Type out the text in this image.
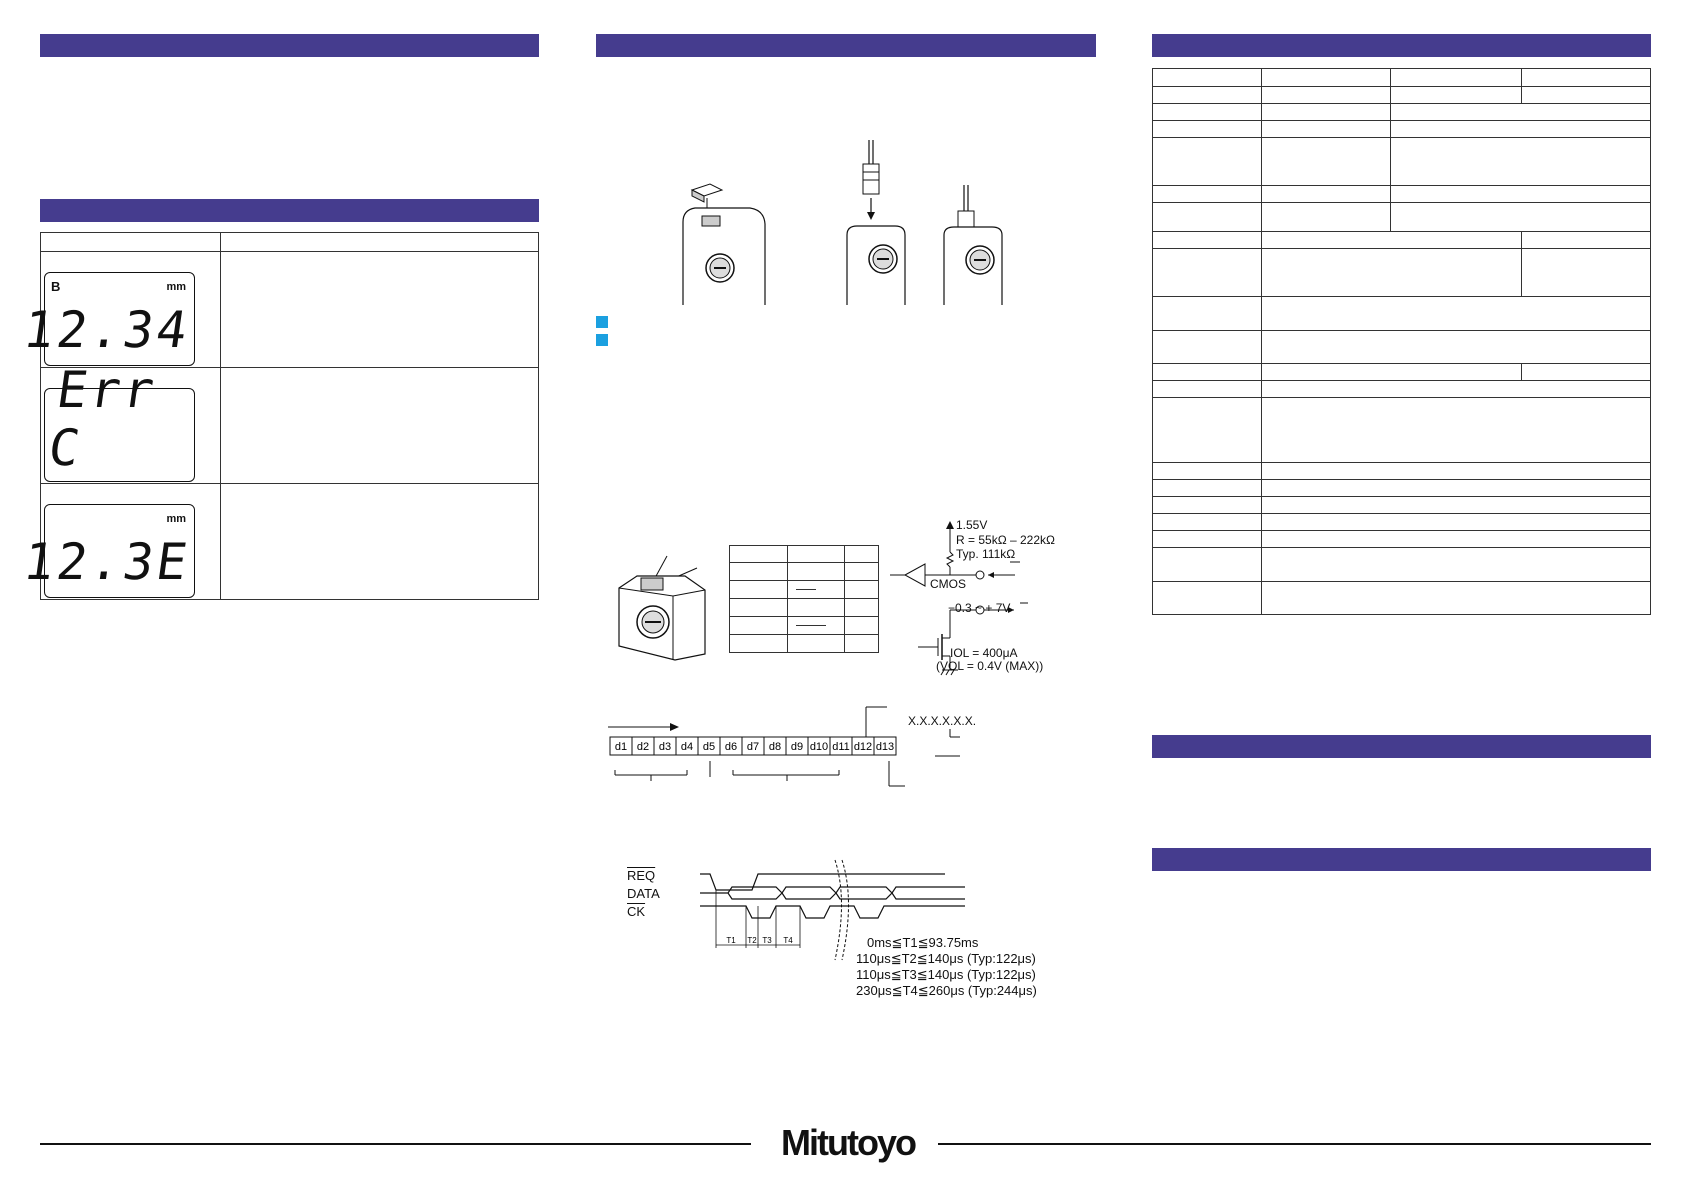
B	mm
12.34
Err C
mm
12.3E
1.55V
R = 55kΩ – 222kΩ
Typ. 111kΩ
CMOS
−0.3 ~ + 7V
IOL = 400μA
(VOL = 0.4V (MAX))
d1 d2 d3 d4 d5 d6 d7 d8 d9 d10 d11 d12 d13
X.X.X.X.X.X.
T1 T2 T3 T4
$\overline{REQ}$
DATA
$\overline{CK}$
0ms≦T1≦93.75ms
110μs≦T2≦140μs (Typ:122μs)
110μs≦T3≦140μs (Typ:122μs)
230μs≦T4≦260μs (Typ:244μs)
Mitutoyo
